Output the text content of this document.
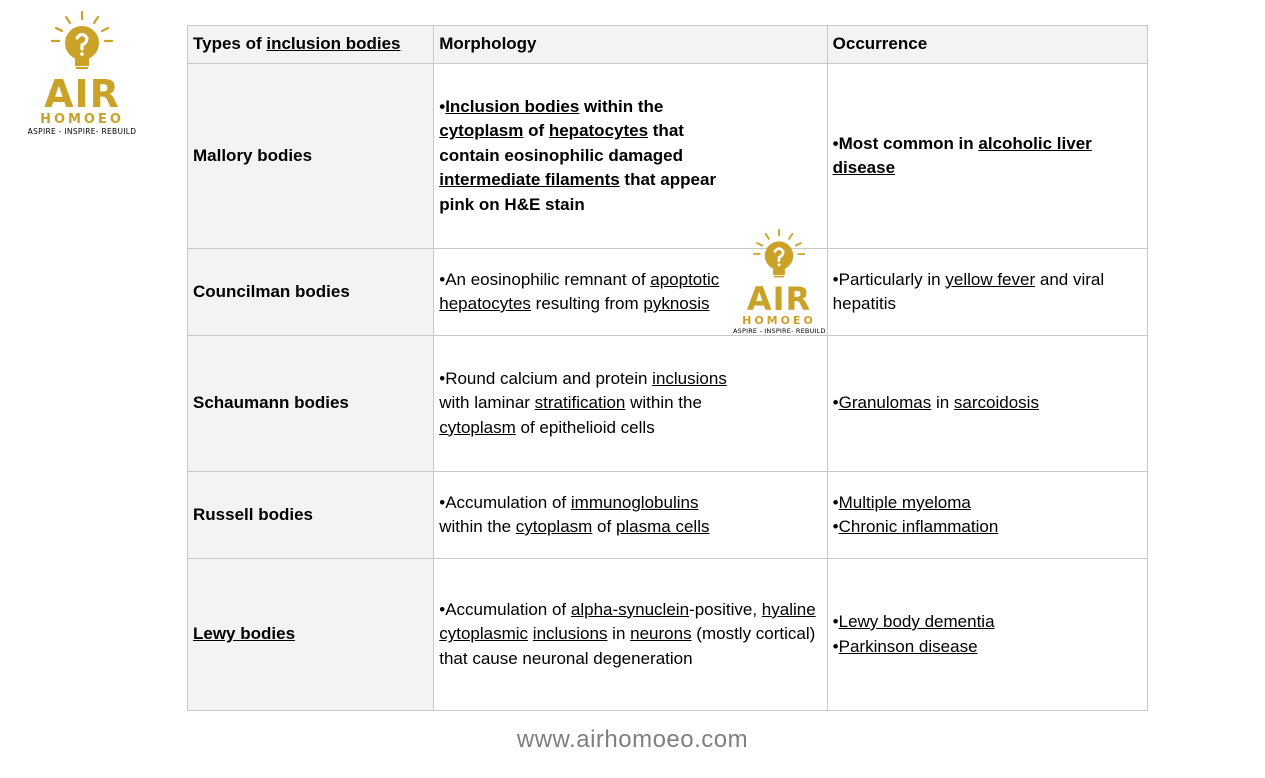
AIR
HOMOEO
ASPIRE - INSPIRE- REBUILD
AIR
HOMOEO
ASPIRE - INSPIRE- REBUILD
Types of inclusion bodies	Morphology	Occurrence
Mallory bodies	•Inclusion bodies within the cytoplasm of hepatocytes that contain eosinophilic damaged intermediate filaments that appear pink on H&E stain	•Most common in alcoholic liver disease

Councilman bodies	•An eosinophilic remnant of apoptotic hepatocytes resulting from pyknosis	•Particularly in yellow fever and viral hepatitis

Schaumann bodies	•Round calcium and protein inclusions with laminar stratification within the cytoplasm of epithelioid cells	•Granulomas in sarcoidosis

Russell bodies	•Accumulation of immunoglobulins within the cytoplasm of plasma cells	•Multiple myeloma
•Chronic inflammation

Lewy bodies	•Accumulation of alpha-synuclein-positive, hyaline cytoplasmic inclusions in neurons (mostly cortical) that cause neuronal degeneration	•Lewy body dementia
•Parkinson disease
www.airhomoeo.com
